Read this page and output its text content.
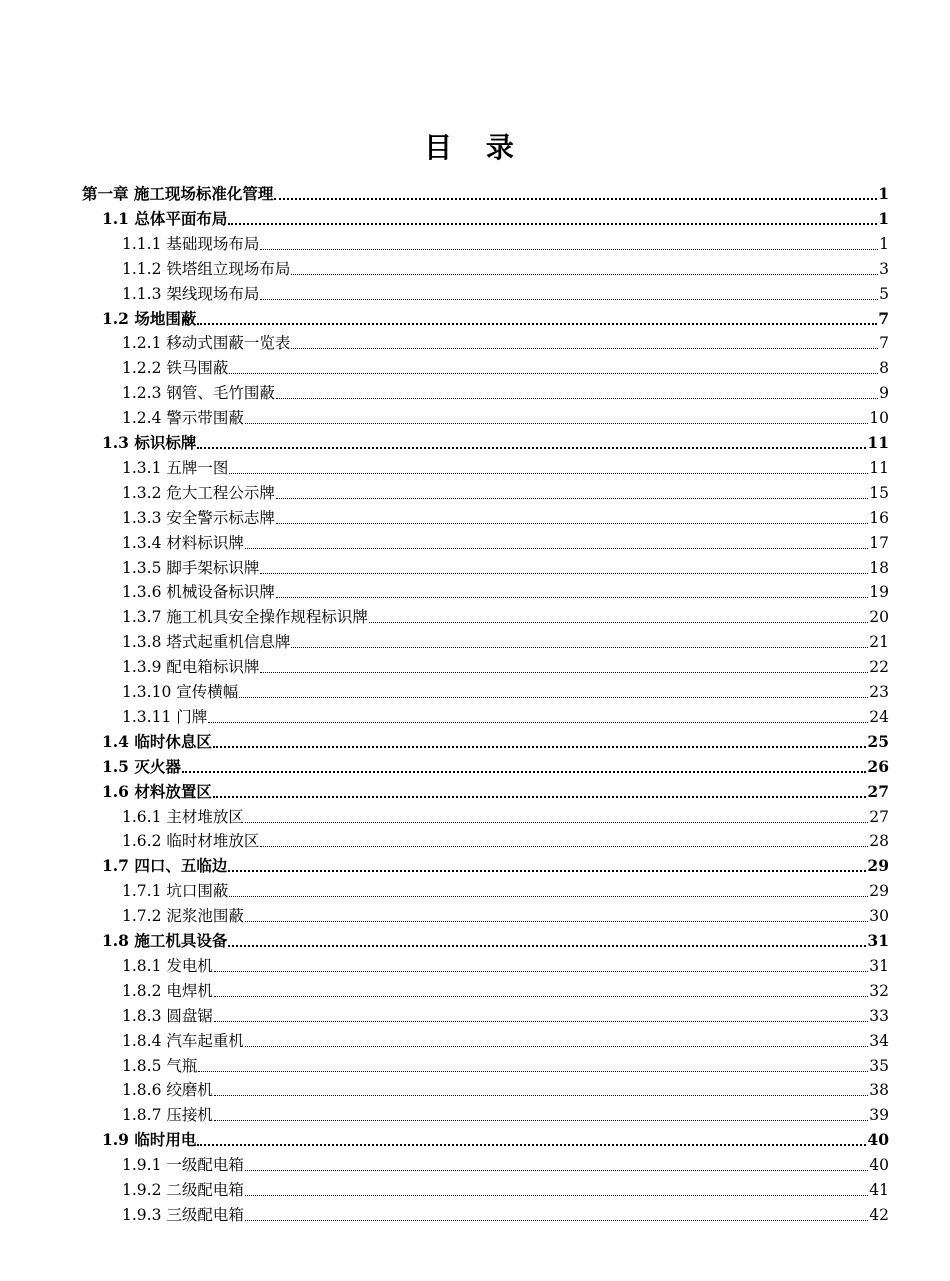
目 录
第一章 施工现场标准化管理	1
1.1 总体平面布局	1
1.1.1 基础现场布局	1
1.1.2 铁塔组立现场布局	3
1.1.3 架线现场布局	5
1.2 场地围蔽	7
1.2.1 移动式围蔽一览表	7
1.2.2 铁马围蔽	8
1.2.3 钢管、毛竹围蔽	9
1.2.4 警示带围蔽	10
1.3 标识标牌	11
1.3.1 五牌一图	11
1.3.2 危大工程公示牌	15
1.3.3 安全警示标志牌	16
1.3.4 材料标识牌	17
1.3.5 脚手架标识牌	18
1.3.6 机械设备标识牌	19
1.3.7 施工机具安全操作规程标识牌	20
1.3.8 塔式起重机信息牌	21
1.3.9 配电箱标识牌	22
1.3.10 宣传横幅	23
1.3.11 门牌	24
1.4 临时休息区	25
1.5 灭火器	26
1.6 材料放置区	27
1.6.1 主材堆放区	27
1.6.2 临时材堆放区	28
1.7 四口、五临边	29
1.7.1 坑口围蔽	29
1.7.2 泥浆池围蔽	30
1.8 施工机具设备	31
1.8.1 发电机	31
1.8.2 电焊机	32
1.8.3 圆盘锯	33
1.8.4 汽车起重机	34
1.8.5 气瓶	35
1.8.6 绞磨机	38
1.8.7 压接机	39
1.9 临时用电	40
1.9.1 一级配电箱	40
1.9.2 二级配电箱	41
1.9.3 三级配电箱	42
